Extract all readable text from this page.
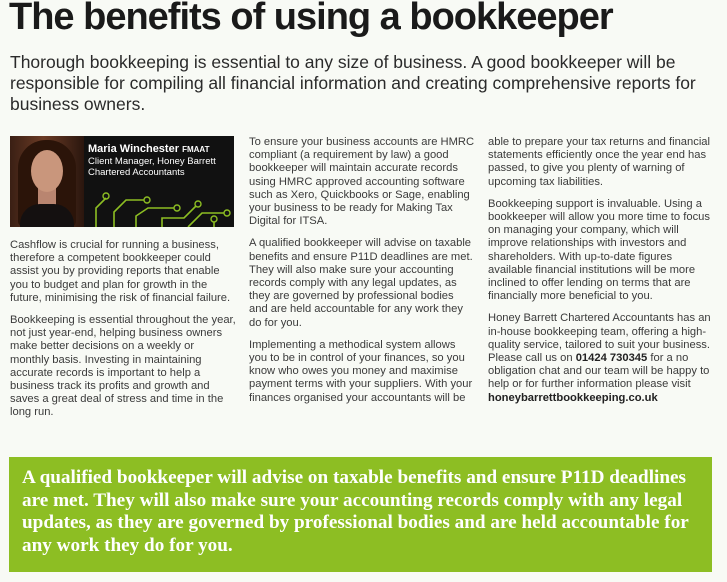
The benefits of using a bookkeeper

Thorough bookkeeping is essential to any size of business. A good bookkeeper will be responsible for compiling all financial information and creating comprehensive reports for business owners.

Maria Winchester FMAAT
Client Manager, Honey Barrett
Chartered Accountants

Cashflow is crucial for running a business, therefore a competent bookkeeper could assist you by providing reports that enable you to budget and plan for growth in the future, minimising the risk of financial failure.

Bookkeeping is essential throughout the year, not just year-end, helping business owners make better decisions on a weekly or monthly basis. Investing in maintaining accurate records is important to help a business track its profits and growth and saves a great deal of stress and time in the long run.

To ensure your business accounts are HMRC compliant (a requirement by law) a good bookkeeper will maintain accurate records using HMRC approved accounting software such as Xero, Quickbooks or Sage, enabling your business to be ready for Making Tax Digital for ITSA.

A qualified bookkeeper will advise on taxable benefits and ensure P11D deadlines are met. They will also make sure your accounting records comply with any legal updates, as they are governed by professional bodies and are held accountable for any work they do for you.

Implementing a methodical system allows you to be in control of your finances, so you know who owes you money and maximise payment terms with your suppliers. With your finances organised your accountants will be

able to prepare your tax returns and financial statements efficiently once the year end has passed, to give you plenty of warning of upcoming tax liabilities.

Bookkeeping support is invaluable. Using a bookkeeper will allow you more time to focus on managing your company, which will improve relationships with investors and shareholders. With up-to-date figures available financial institutions will be more inclined to offer lending on terms that are financially more beneficial to you.

Honey Barrett Chartered Accountants has an in-house bookkeeping team, offering a high-quality service, tailored to suit your business. Please call us on 01424 730345 for a no obligation chat and our team will be happy to help or for further information please visit honeybarrettbookkeeping.co.uk

A qualified bookkeeper will advise on taxable benefits and ensure P11D deadlines are met. They will also make sure your accounting records comply with any legal updates, as they are governed by professional bodies and are held accountable for any work they do for you.
